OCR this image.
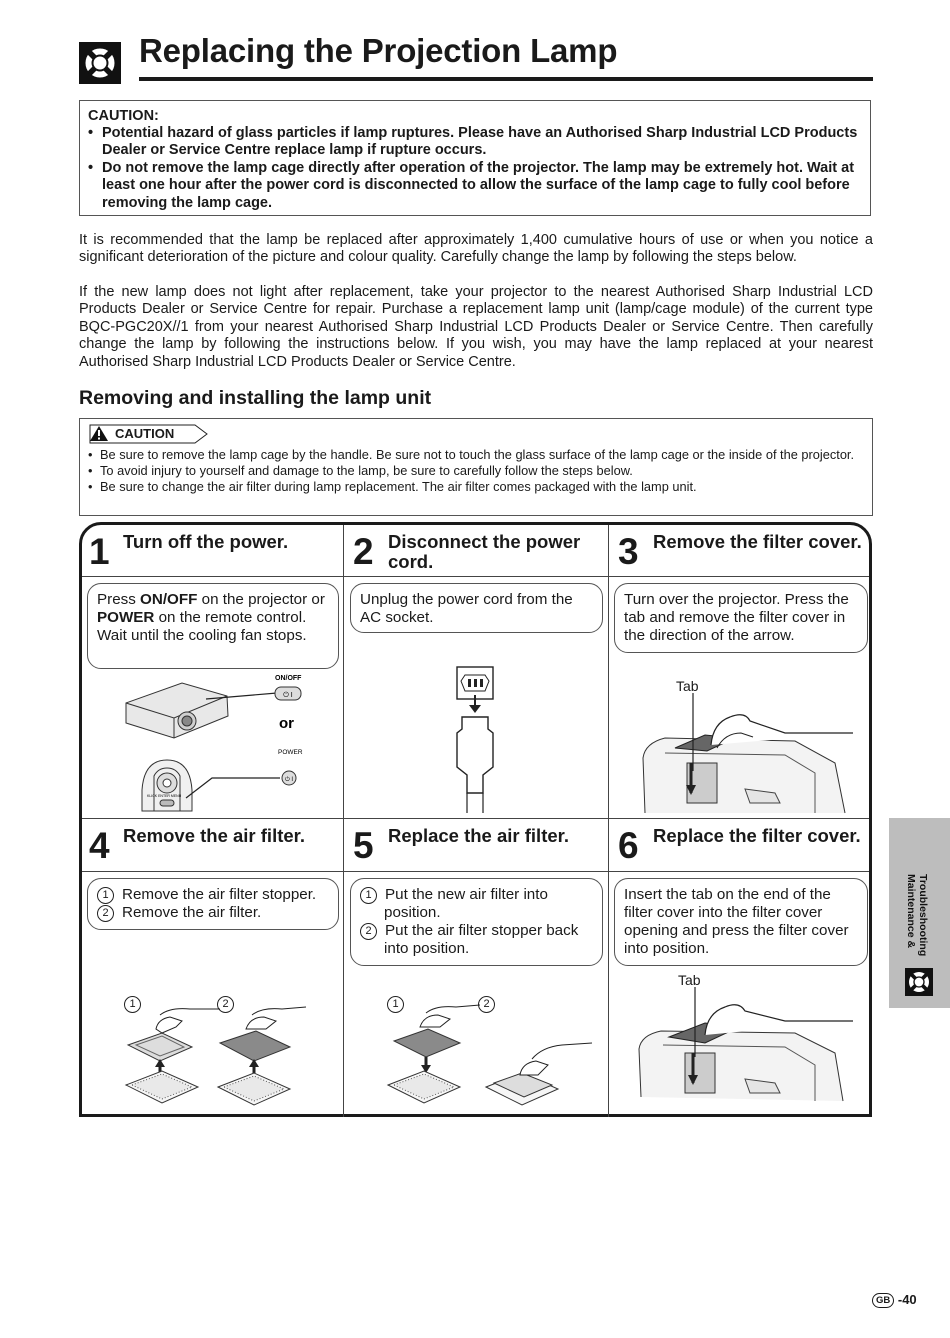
Replacing the Projection Lamp
CAUTION:
• Potential hazard of glass particles if lamp ruptures. Please have an Authorised Sharp Industrial LCD Products Dealer or Service Centre replace lamp if rupture occurs.
• Do not remove the lamp cage directly after operation of the projector. The lamp may be extremely hot. Wait at least one hour after the power cord is disconnected to allow the surface of the lamp cage to fully cool before removing the lamp cage.

It is recommended that the lamp be replaced after approximately 1,400 cumulative hours of use or when you notice a significant deterioration of the picture and colour quality. Carefully change the lamp by following the steps below.

If the new lamp does not light after replacement, take your projector to the nearest Authorised Sharp Industrial LCD Products Dealer or Service Centre for repair. Purchase a replacement lamp unit (lamp/cage module) of the current type BQC-PGC20X//1 from your nearest Authorised Sharp Industrial LCD Products Dealer or Service Centre. Then carefully change the lamp by following the instructions below. If you wish, you may have the lamp replaced at your nearest Authorised Sharp Industrial LCD Products Dealer or Service Centre.

Removing and installing the lamp unit
CAUTION
• Be sure to remove the lamp cage by the handle. Be sure not to touch the glass surface of the lamp cage or the inside of the projector.
• To avoid injury to yourself and damage to the lamp, be sure to carefully follow the steps below.
• Be sure to change the air filter during lamp replacement. The air filter comes packaged with the lamp unit.
1 Turn off the power.
Press ON/OFF on the projector or POWER on the remote control. Wait until the cooling fan stops.
⏻ I
ON/OFF
or
POWER
KLICK ENTER MENU
⏻ I
2 Disconnect the power cord.
Unplug the power cord from the AC socket.
3 Remove the filter cover.
Turn over the projector. Press the tab and remove the filter cover in the direction of the arrow.
Tab
4 Remove the air filter.
1 Remove the air filter stopper.
2 Remove the air filter.
1	2
5 Replace the air filter.
1 Put the new air filter into position.
2 Put the air filter stopper back into position.
1	2
6 Replace the filter cover.
Insert the tab on the end of the filter cover into the filter cover opening and press the filter cover into position.
Tab
Troubleshooting
Maintenance &
GB -40
